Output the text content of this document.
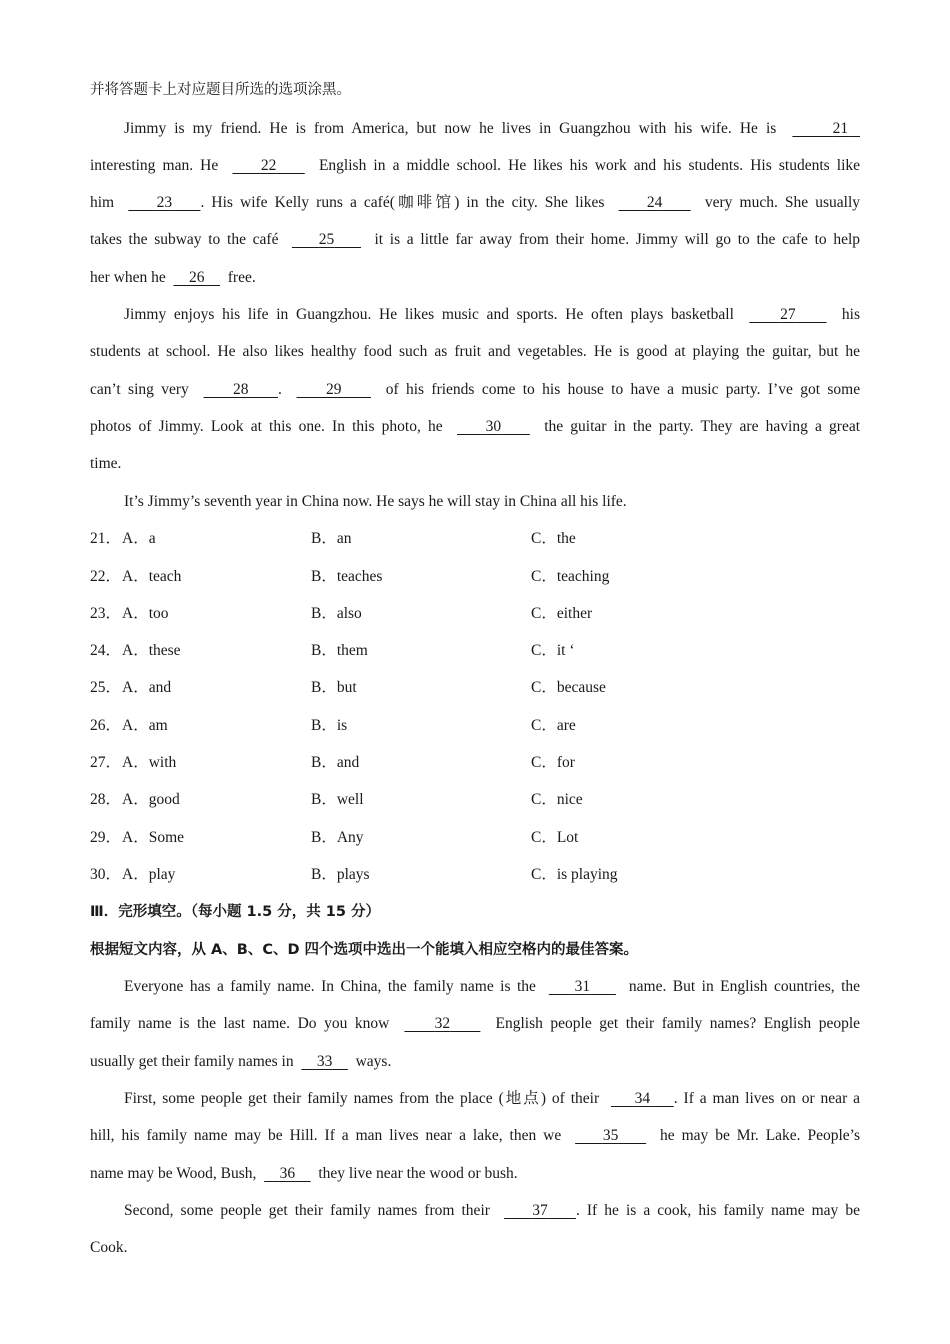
并将答题卡上对应题目所选的选项涂黑。
Jimmy is my friend. He is from America, but now he lives in Guangzhou with his wife. He is	21
interesting man. He	22	English in a middle school. He likes his work and his students. His students like
him	23 . His wife Kelly runs a café(咖啡馆) in the city. She likes	24	very much. She usually
takes the subway to the café	25	it is a little far away from their home. Jimmy will go to the cafe to help
her when he 26 free.
Jimmy enjoys his life in Guangzhou. He likes music and sports. He often plays basketball	27	his
students at school. He also likes healthy food such as fruit and vegetables. He is good at playing the guitar, but he
can’t sing very	28 .	29	of his friends come to his house to have a music party. I’ve got some
photos of Jimmy. Look at this one. In this photo, he	30	the guitar in the party. They are having a great
time.
It’s Jimmy’s seventh year in China now. He says he will stay in China all his life.
21． A．a	B．an	C．the
22． A．teach	B．teaches	C．teaching
23． A．too	B．also	C．either
24． A．these	B．them	C．it ‘
25． A．and	B．but	C．because
26． A．am	B．is	C．are
27． A．with	B．and	C．for
28． A．good	B．well	C．nice
29． A．Some	B．Any	C．Lot
30． A．play	B．plays	C．is playing
Ⅲ．完形填空。（每小题 1.5 分，共 15 分）
根据短文内容，从 A、B、C、D 四个选项中选出一个能填入相应空格内的最佳答案。
Everyone has a family name. In China, the family name is the	31	name. But in English countries, the
family name is the last name. Do you know	32	English people get their family names? English people
usually get their family names in 33 ways.
First, some people get their family names from the place (地点) of their 34 . If a man lives on or near a
hill, his family name may be Hill. If a man lives near a lake, then we	35	he may be Mr. Lake. People’s
name may be Wood, Bush, 36 they live near the wood or bush.
Second, some people get their family names from their	37 . If he is a cook, his family name may be
Cook.
